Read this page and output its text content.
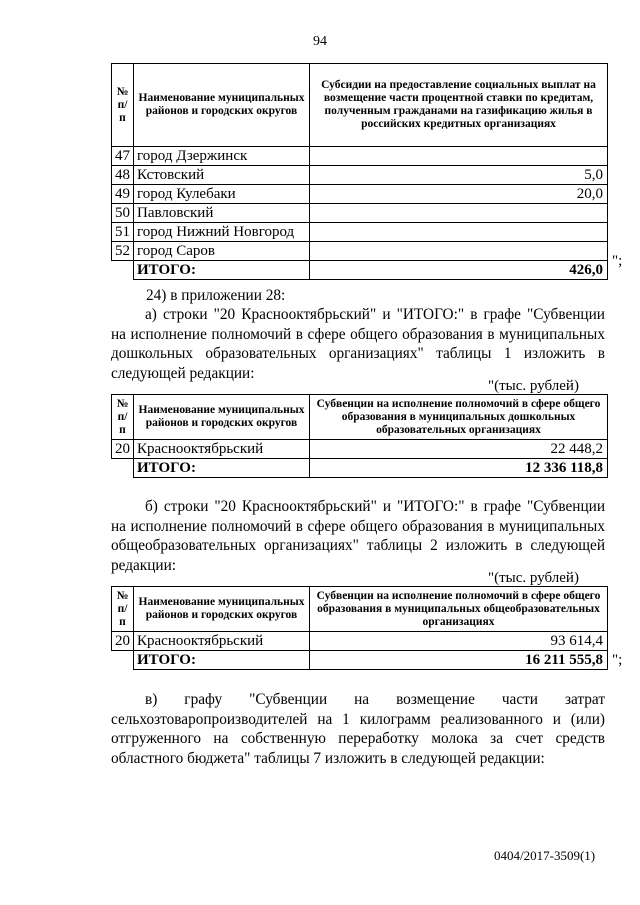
94
№ п/п	Наименование муниципальных районов и городских округов	Субсидии на предоставление социальных выплат на возмещение части процентной ставки по кредитам, полученным гражданами на газификацию жилья в российских кредитных организациях
47	город Дзержинск	
48	Кстовский	5,0
49	город Кулебаки	20,0
50	Павловский	
51	город Нижний Новгород	
52	город Саров	
	ИТОГО:	426,0
";

24) в приложении 28:

а) строки "20 Краснооктябрьский" и "ИТОГО:" в графе "Субвенции на исполнение полномочий в сфере общего образования в муниципальных дошкольных образовательных организациях" таблицы 1 изложить в следующей редакции:

"(тыс. рублей)
№ п/п	Наименование муниципальных районов и городских округов	Субвенции на исполнение полномочий в сфере общего образования в муниципальных дошкольных образовательных организациях
20	Краснооктябрьский	22 448,2
	ИТОГО:	12 336 118,8

б) строки "20 Краснооктябрьский" и "ИТОГО:" в графе "Субвенции на исполнение полномочий в сфере общего образования в муниципальных общеобразовательных организациях" таблицы 2 изложить в следующей редакции:

"(тыс. рублей)
№ п/п	Наименование муниципальных районов и городских округов	Субвенции на исполнение полномочий в сфере общего образования в муниципальных общеобразовательных организациях
20	Краснооктябрьский	93 614,4
	ИТОГО:	16 211 555,8 ";

в) графу "Субвенции на возмещение части затрат сельхозтоваропроизводителей на 1 килограмм реализованного и (или) отгруженного на собственную переработку молока за счет средств областного бюджета" таблицы 7 изложить в следующей редакции:

0404/2017-3509(1)
